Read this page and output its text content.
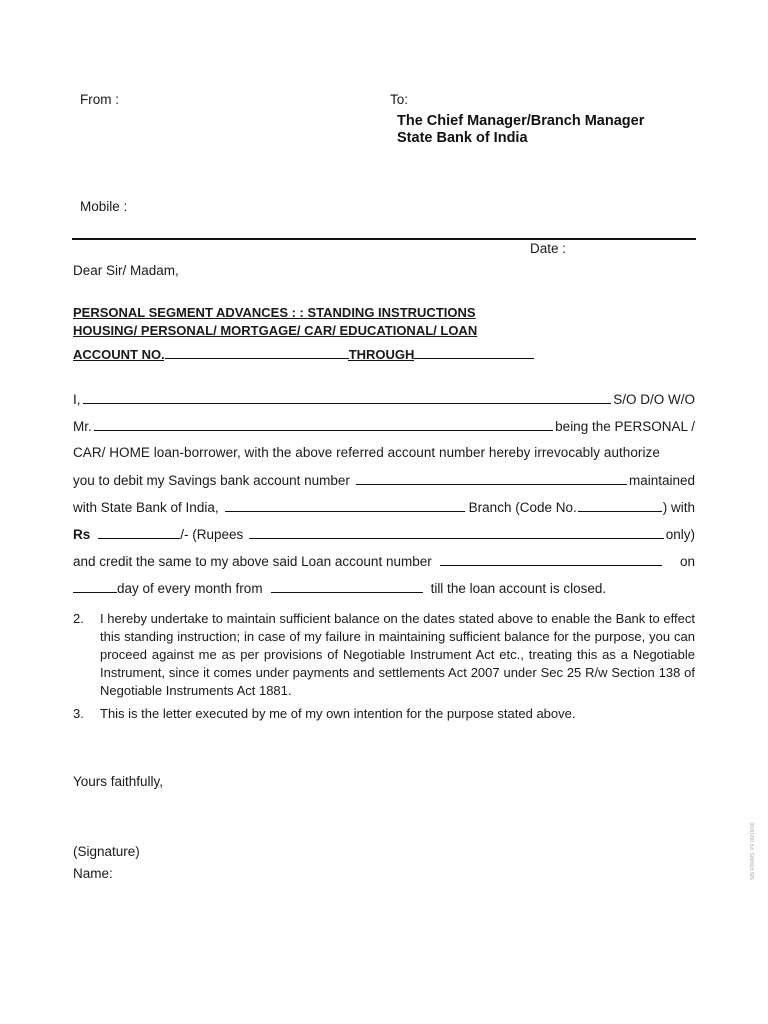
From :	To:
The Chief Manager/Branch Manager
State Bank of India
Mobile :
Date :
Dear Sir/ Madam,
PERSONAL SEGMENT ADVANCES : : STANDING INSTRUCTIONS
HOUSING/ PERSONAL/ MORTGAGE/ CAR/ EDUCATIONAL/ LOAN
ACCOUNT NO.	THROUGH
I,	S/O D/O W/O
Mr.	being the PERSONAL /
CAR/ HOME loan-borrower, with the above referred account number hereby irrevocably authorize
you to debit my Savings bank account number	maintained
with State Bank of India,	Branch (Code No.	) with
Rs	/- (Rupees	only)
and credit the same to my above said Loan account number	on
day of every month from	till the loan account is closed.
2. I hereby undertake to maintain sufficient balance on the dates stated above to enable the Bank to effect this standing instruction; in case of my failure in maintaining sufficient balance for the purpose, you can proceed against me as per provisions of Negotiable Instrument Act etc., treating this as a Negotiable Instrument, since it comes under payments and settlements Act 2007 under Sec 25 R/w Section 138 of Negotiable Instruments Act 1881.
3. This is the letter executed by me of my own intention for the purpose stated above.
Yours faithfully,
(Signature)
Name:	SBI FORMS. PF 00/19/00
